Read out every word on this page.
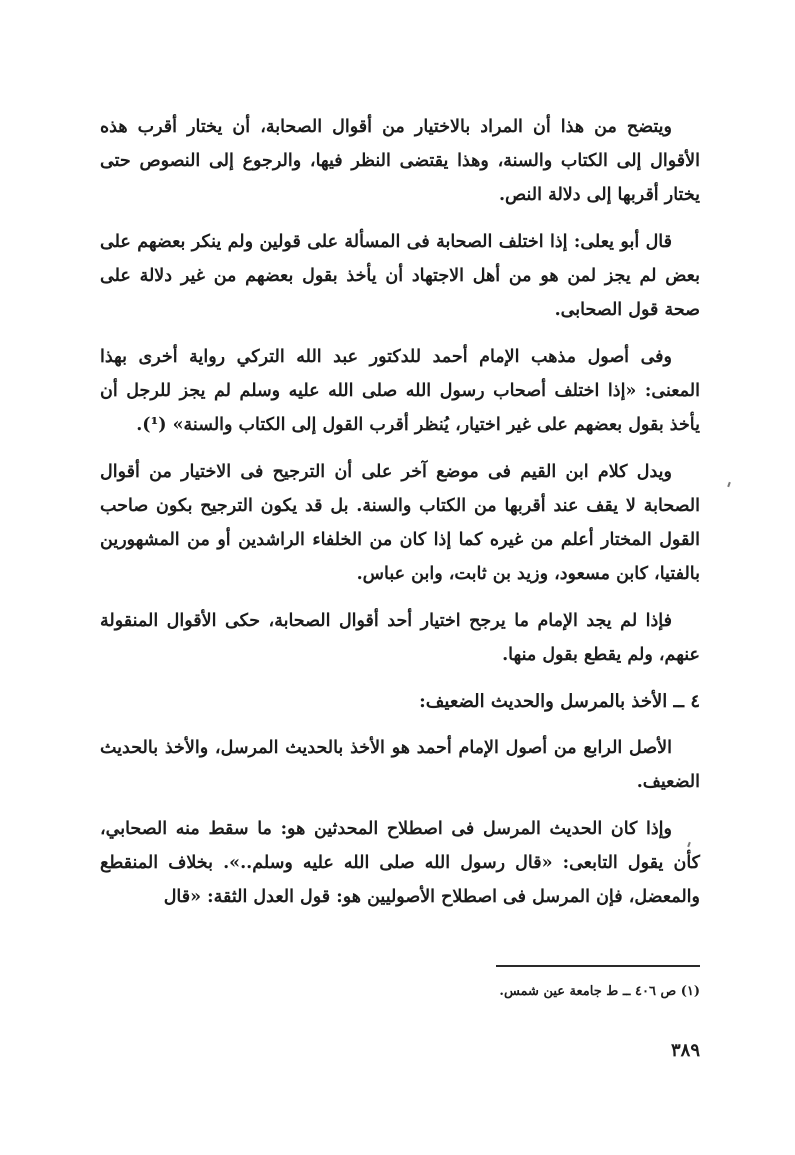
ويتضح من هذا أن المراد بالاختيار من أقوال الصحابة، أن يختار أقرب هذه الأقوال إلى الكتاب والسنة، وهذا يقتضى النظر فيها، والرجوع إلى النصوص حتى يختار أقربها إلى دلالة النص.

قال أبو يعلى: إذا اختلف الصحابة فى المسألة على قولين ولم ينكر بعضهم على بعض لم يجز لمن هو من أهل الاجتهاد أن يأخذ بقول بعضهم من غير دلالة على صحة قول الصحابى.

وفى أصول مذهب الإمام أحمد للدكتور عبد الله التركي رواية أخرى بهذا المعنى: «إذا اختلف أصحاب رسول الله صلى الله عليه وسلم لم يجز للرجل أن يأخذ بقول بعضهم على غير اختيار، يُنظر أقرب القول إلى الكتاب والسنة» (¹).

ويدل كلام ابن القيم فى موضع آخر على أن الترجيح فى الاختيار من أقوال الصحابة لا يقف عند أقربها من الكتاب والسنة. بل قد يكون الترجيح بكون صاحب القول المختار أعلم من غيره كما إذا كان من الخلفاء الراشدين أو من المشهورين بالفتيا، كابن مسعود، وزيد بن ثابت، وابن عباس.

فإذا لم يجد الإمام ما يرجح اختيار أحد أقوال الصحابة، حكى الأقوال المنقولة عنهم، ولم يقطع بقول منها.

٤ ــ الأخذ بالمرسل والحديث الضعيف:

الأصل الرابع من أصول الإمام أحمد هو الأخذ بالحديث المرسل، والأخذ بالحديث الضعيف.

وإذا كان الحديث المرسل فى اصطلاح المحدثين هو: ما سقط منه الصحابي، كأن يقول التابعى: «قال رسول الله صلى الله عليه وسلم..». بخلاف المنقطع والمعضل، فإن المرسل فى اصطلاح الأصوليين هو: قول العدل الثقة: «قال

(١) ص ٤٠٦ ــ ط جامعة عين شمس.
٣٨٩
